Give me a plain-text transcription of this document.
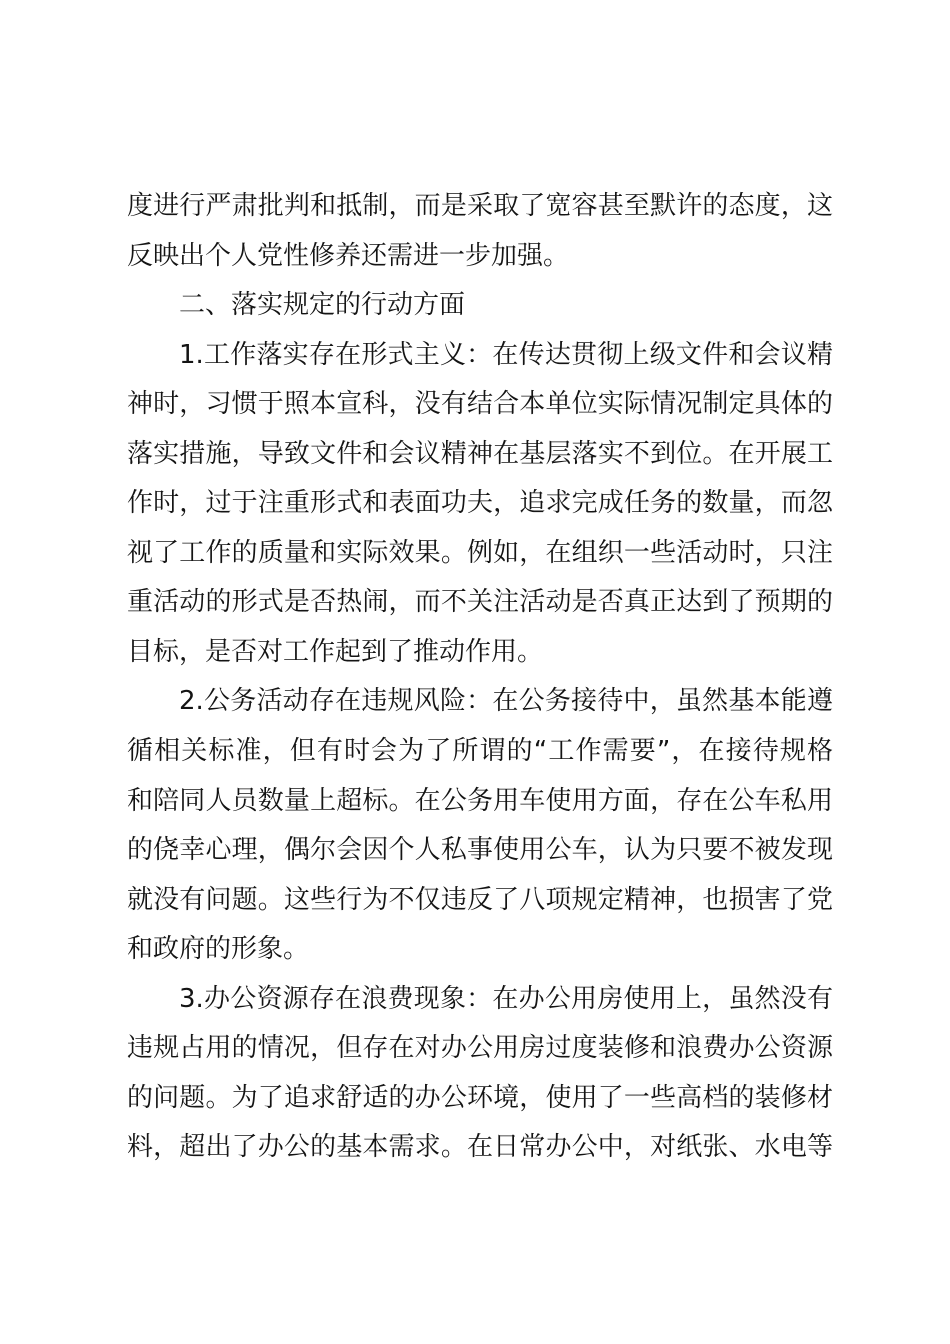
度进行严肃批判和抵制，而是采取了宽容甚至默许的态度，这
反映出个人党性修养还需进一步加强。
二、落实规定的行动方面
1.工作落实存在形式主义：在传达贯彻上级文件和会议精
神时，习惯于照本宣科，没有结合本单位实际情况制定具体的
落实措施，导致文件和会议精神在基层落实不到位。在开展工
作时，过于注重形式和表面功夫，追求完成任务的数量，而忽
视了工作的质量和实际效果。例如，在组织一些活动时，只注
重活动的形式是否热闹，而不关注活动是否真正达到了预期的
目标，是否对工作起到了推动作用。
2.公务活动存在违规风险：在公务接待中，虽然基本能遵
循相关标准，但有时会为了所谓的“工作需要”，在接待规格
和陪同人员数量上超标。在公务用车使用方面，存在公车私用
的侥幸心理，偶尔会因个人私事使用公车，认为只要不被发现
就没有问题。这些行为不仅违反了八项规定精神，也损害了党
和政府的形象。
3.办公资源存在浪费现象：在办公用房使用上，虽然没有
违规占用的情况，但存在对办公用房过度装修和浪费办公资源
的问题。为了追求舒适的办公环境，使用了一些高档的装修材
料，超出了办公的基本需求。在日常办公中，对纸张、水电等
